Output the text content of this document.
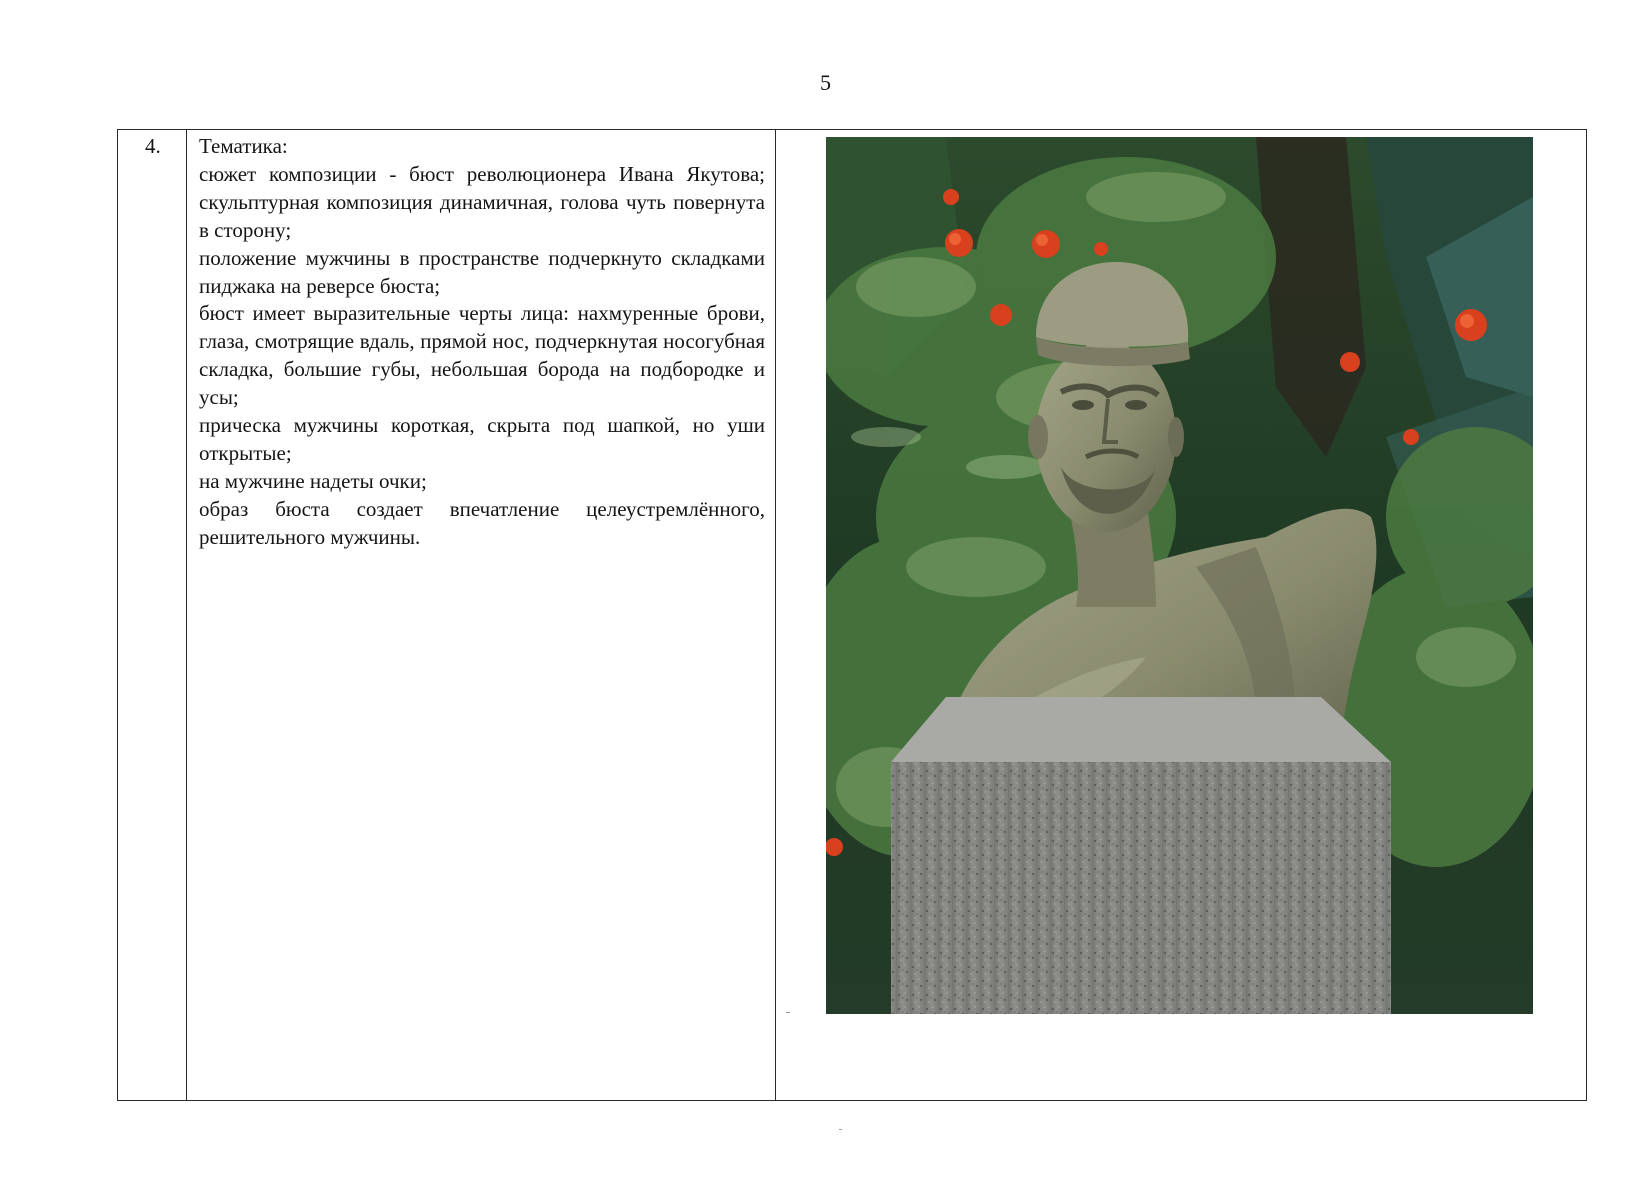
5
4. Тематика:

сюжет композиции - бюст революционера Ивана Якутова; скульптурная композиция динамичная, голова чуть повернута в сторону;

положение мужчины в пространстве подчеркнуто складками пиджака на реверсе бюста;

бюст имеет выразительные черты лица: нахмуренные брови, глаза, смотрящие вдаль, прямой нос, подчеркнутая носогубная складка, большие губы, небольшая борода на подбородке и усы;

прическа мужчины короткая, скрыта под шапкой, но уши открытые;

на мужчине надеты очки;

образ бюста создает впечатление целеустремлённого, решительного мужчины.
